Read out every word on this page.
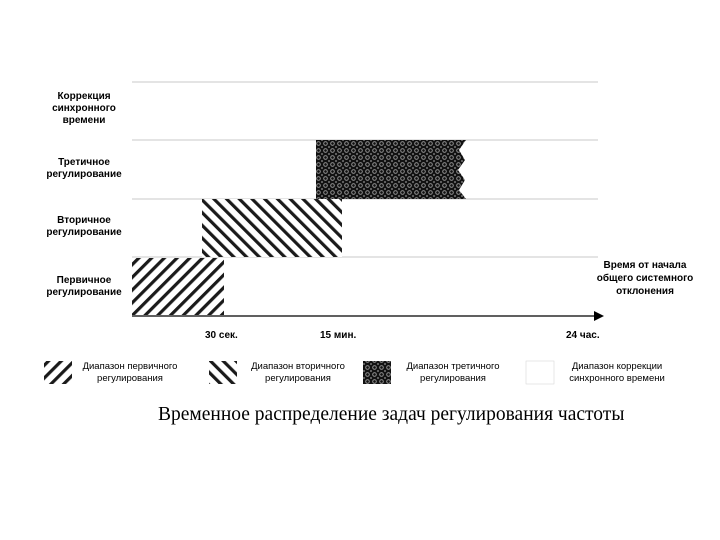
Коррекция синхронного времени
Третичное регулирование
Вторичное регулирование
Первичное регулирование
30 сек.	15 мин.	24 час.
Время от начала общего системного отклонения
Диапазон первичного регулирования
Диапазон вторичного регулирования
Диапазон третичного регулирования
Диапазон коррекции синхронного времени
Временное распределение задач регулирования частоты
